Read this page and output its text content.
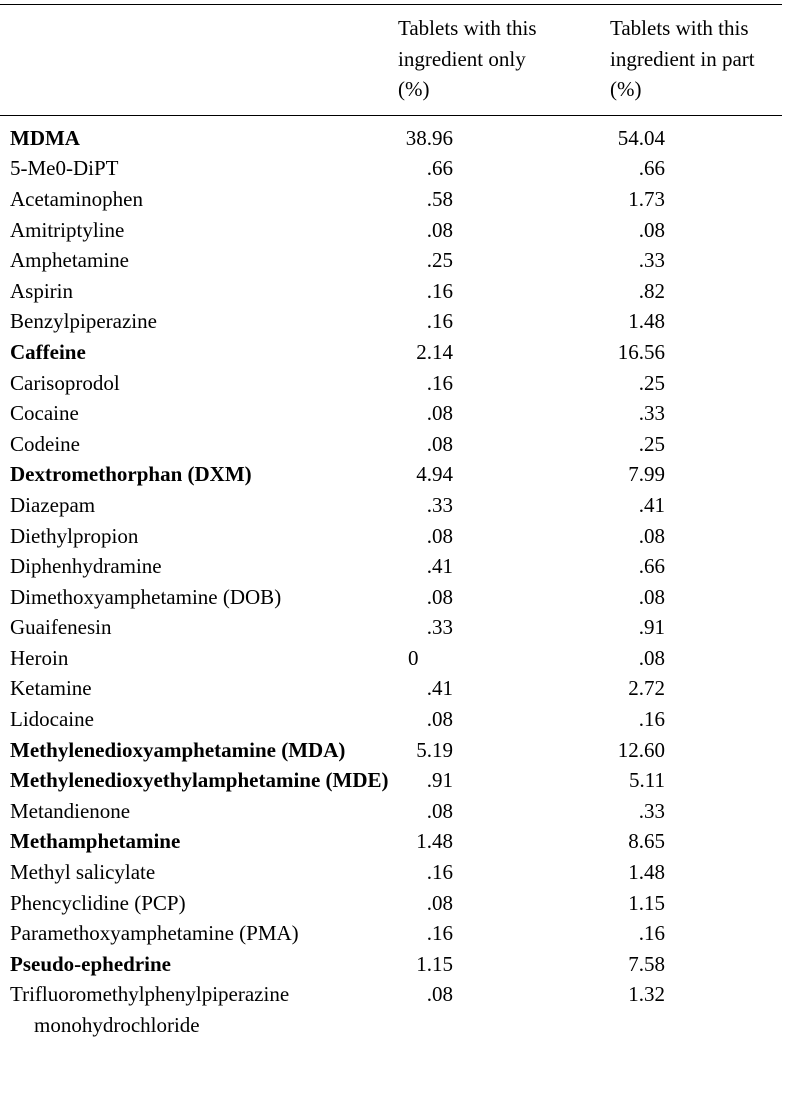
	Tablets with this
ingredient only
(%)	Tablets with this
ingredient in part
(%)

MDMA	38.96	54.04

5-Me0-DiPT	.66	.66

Acetaminophen	.58	1.73

Amitriptyline	.08	.08

Amphetamine	.25	.33

Aspirin	.16	.82

Benzylpiperazine	.16	1.48

Caffeine	2.14	16.56

Carisoprodol	.16	.25

Cocaine	.08	.33

Codeine	.08	.25

Dextromethorphan (DXM)	4.94	7.99

Diazepam	.33	.41

Diethylpropion	.08	.08

Diphenhydramine	.41	.66

Dimethoxyamphetamine (DOB)	.08	.08

Guaifenesin	.33	.91

Heroin	0	.08

Ketamine	.41	2.72

Lidocaine	.08	.16

Methylenedioxyamphetamine (MDA)	5.19	12.60

Methylenedioxyethylamphetamine (MDE)	.91	5.11

Metandienone	.08	.33

Methamphetamine	1.48	8.65

Methyl salicylate	.16	1.48

Phencyclidine (PCP)	.08	1.15

Paramethoxyamphetamine (PMA)	.16	.16

Pseudo-ephedrine	1.15	7.58

Trifluoromethylphenylpiperazine monohydrochloride	.08	1.32
